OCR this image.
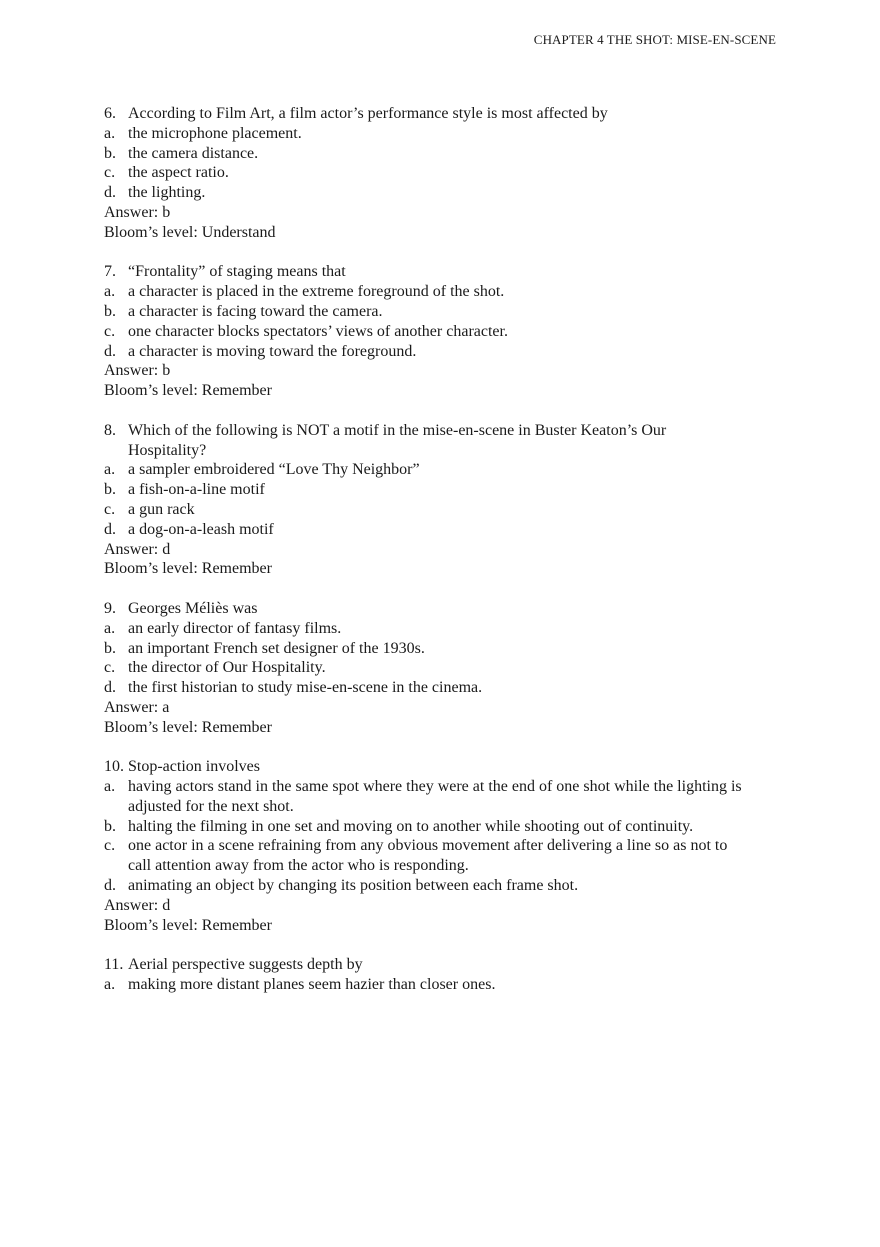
CHAPTER 4 THE SHOT: MISE-EN-SCENE
6. According to Film Art, a film actor’s performance style is most affected by
a. the microphone placement.
b. the camera distance.
c. the aspect ratio.
d. the lighting.
Answer: b
Bloom’s level: Understand
7. “Frontality” of staging means that
a. a character is placed in the extreme foreground of the shot.
b. a character is facing toward the camera.
c. one character blocks spectators’ views of another character.
d. a character is moving toward the foreground.
Answer: b
Bloom’s level: Remember
8. Which of the following is NOT a motif in the mise-en-scene in Buster Keaton’s Our Hospitality?
a. a sampler embroidered “Love Thy Neighbor”
b. a fish-on-a-line motif
c. a gun rack
d. a dog-on-a-leash motif
Answer: d
Bloom’s level: Remember
9. Georges Méliès was
a. an early director of fantasy films.
b. an important French set designer of the 1930s.
c. the director of Our Hospitality.
d. the first historian to study mise-en-scene in the cinema.
Answer: a
Bloom’s level: Remember
10. Stop-action involves
a. having actors stand in the same spot where they were at the end of one shot while the lighting is adjusted for the next shot.
b. halting the filming in one set and moving on to another while shooting out of continuity.
c. one actor in a scene refraining from any obvious movement after delivering a line so as not to call attention away from the actor who is responding.
d. animating an object by changing its position between each frame shot.
Answer: d
Bloom’s level: Remember
11. Aerial perspective suggests depth by
a. making more distant planes seem hazier than closer ones.
